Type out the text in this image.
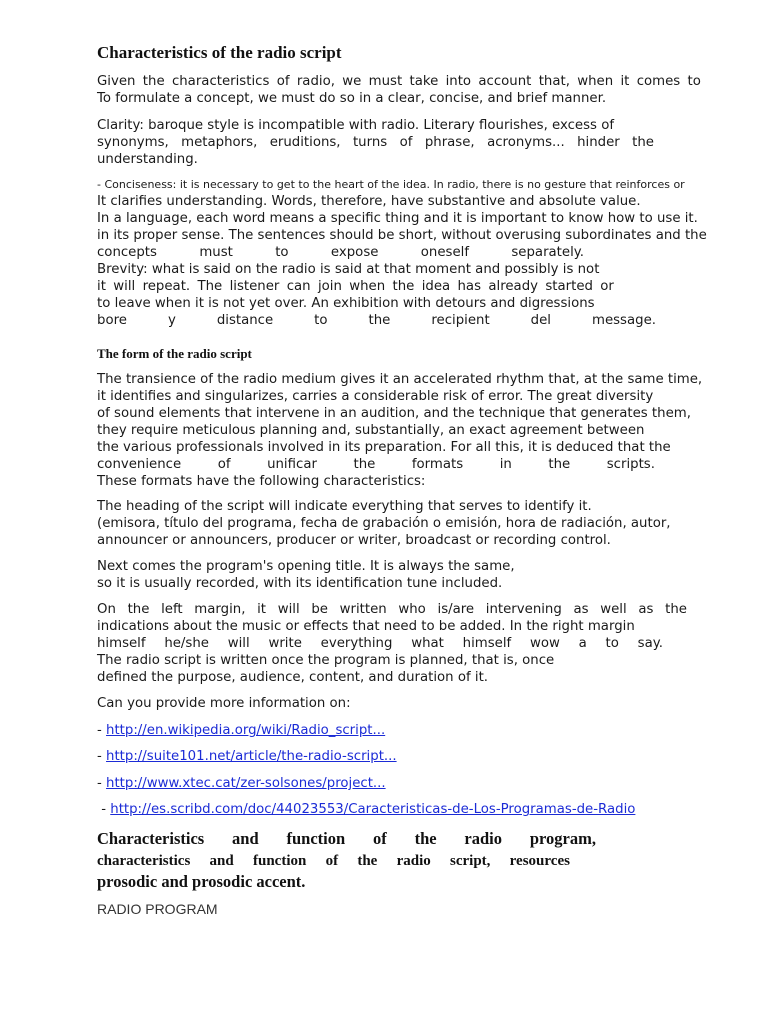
Characteristics of the radio script
Given the characteristics of radio, we must take into account that, when it comes to
To formulate a concept, we must do so in a clear, concise, and brief manner.
Clarity: baroque style is incompatible with radio. Literary flourishes, excess of
synonyms, metaphors, eruditions, turns of phrase, acronyms... hinder the
understanding.
- Conciseness: it is necessary to get to the heart of the idea. In radio, there is no gesture that reinforces or
It clarifies understanding. Words, therefore, have substantive and absolute value.
In a language, each word means a specific thing and it is important to know how to use it.
in its proper sense. The sentences should be short, without overusing subordinates and the
concepts	must	to	expose	oneself	separately.
Brevity: what is said on the radio is said at that moment and possibly is not
it will repeat. The listener can join when the idea has already started or
to leave when it is not yet over. An exhibition with detours and digressions
bore	y	distance	to	the	recipient	del	message.
The form of the radio script
The transience of the radio medium gives it an accelerated rhythm that, at the same time,
it identifies and singularizes, carries a considerable risk of error. The great diversity
of sound elements that intervene in an audition, and the technique that generates them,
they require meticulous planning and, substantially, an exact agreement between
the various professionals involved in its preparation. For all this, it is deduced that the
convenience	of	unificar	the	formats	in	the	scripts.
These formats have the following characteristics:
The heading of the script will indicate everything that serves to identify it.
(emisora, título del programa, fecha de grabación o emisión, hora de radiación, autor,
announcer or announcers, producer or writer, broadcast or recording control.
Next comes the program's opening title. It is always the same,
so it is usually recorded, with its identification tune included.
On the left margin, it will be written who is/are intervening as well as the
indications about the music or effects that need to be added. In the right margin
himself he/she will write everything what himself wow a to say.
The radio script is written once the program is planned, that is, once
defined the purpose, audience, content, and duration of it.
Can you provide more information on:
- http://en.wikipedia.org/wiki/Radio_script...
- http://suite101.net/article/the-radio-script...
- http://www.xtec.cat/zer-solsones/project...
- http://es.scribd.com/doc/44023553/Caracteristicas-de-Los-Programas-de-Radio
Characteristics and function of the radio program,
characteristics and function of the radio script, resources
prosodic and prosodic accent.
RADIO PROGRAM
